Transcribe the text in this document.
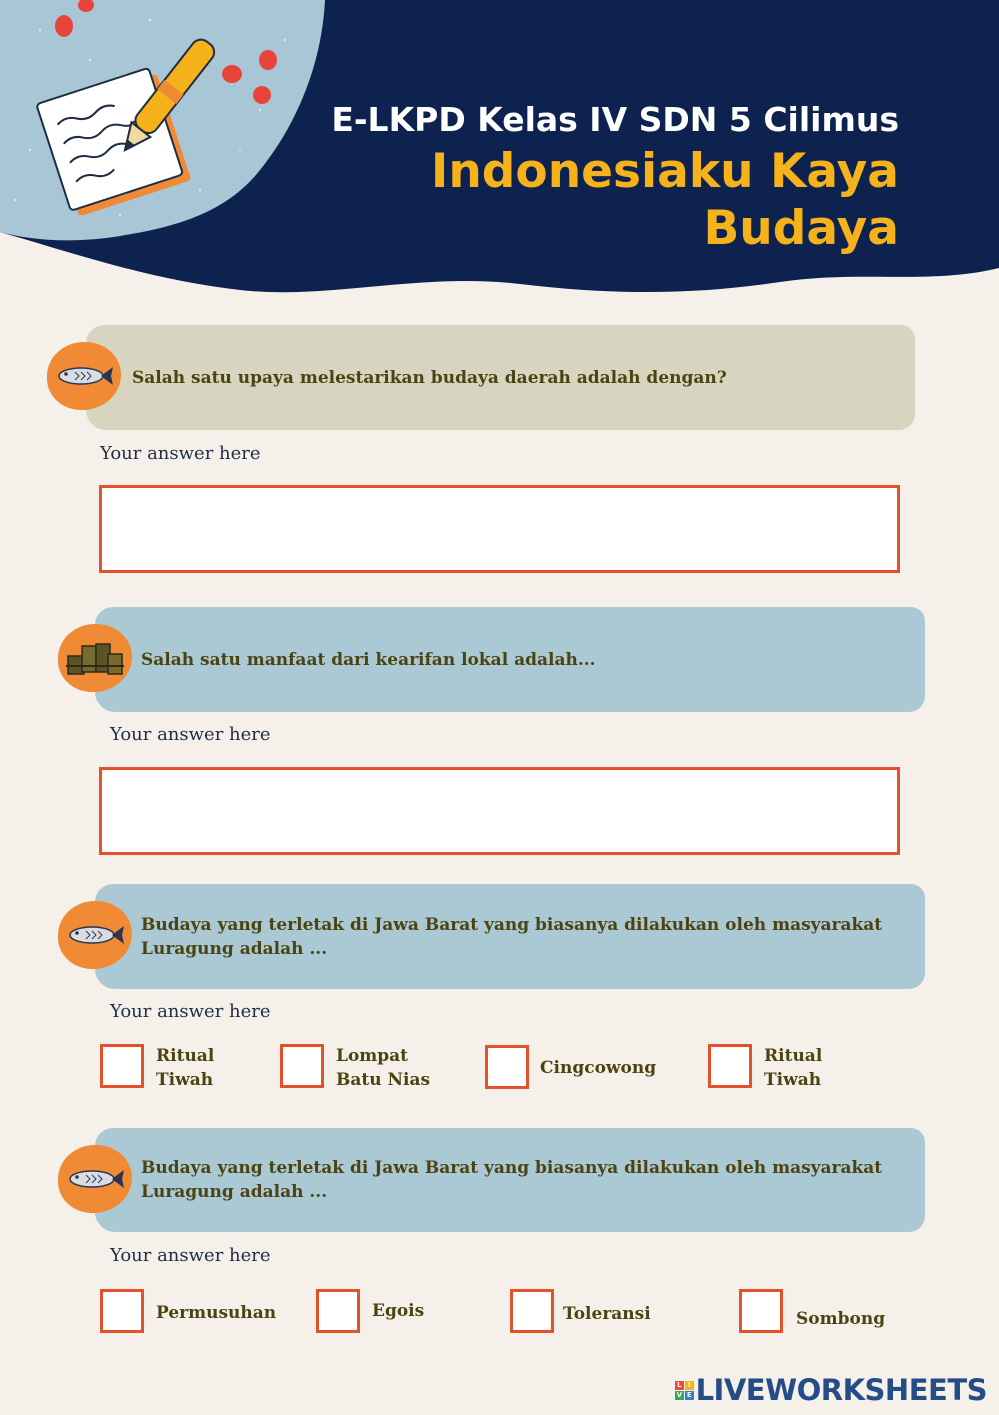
E-LKPD Kelas IV SDN 5 Cilimus
Indonesiaku Kaya Budaya
Salah satu upaya melestarikan budaya daerah adalah dengan?
Your answer here
Salah satu manfaat dari kearifan lokal adalah...
Your answer here
Budaya yang terletak di Jawa Barat yang biasanya dilakukan oleh masyarakat Luragung adalah ...
Your answer here
Ritual Tiwah
Lompat Batu Nias
Cingcowong
Ritual Tiwah
Budaya yang terletak di Jawa Barat yang biasanya dilakukan oleh masyarakat Luragung adalah ...
Your answer here
Permusuhan	Egois	Toleransi	Sombong
L I
V E LIVEWORKSHEETS
